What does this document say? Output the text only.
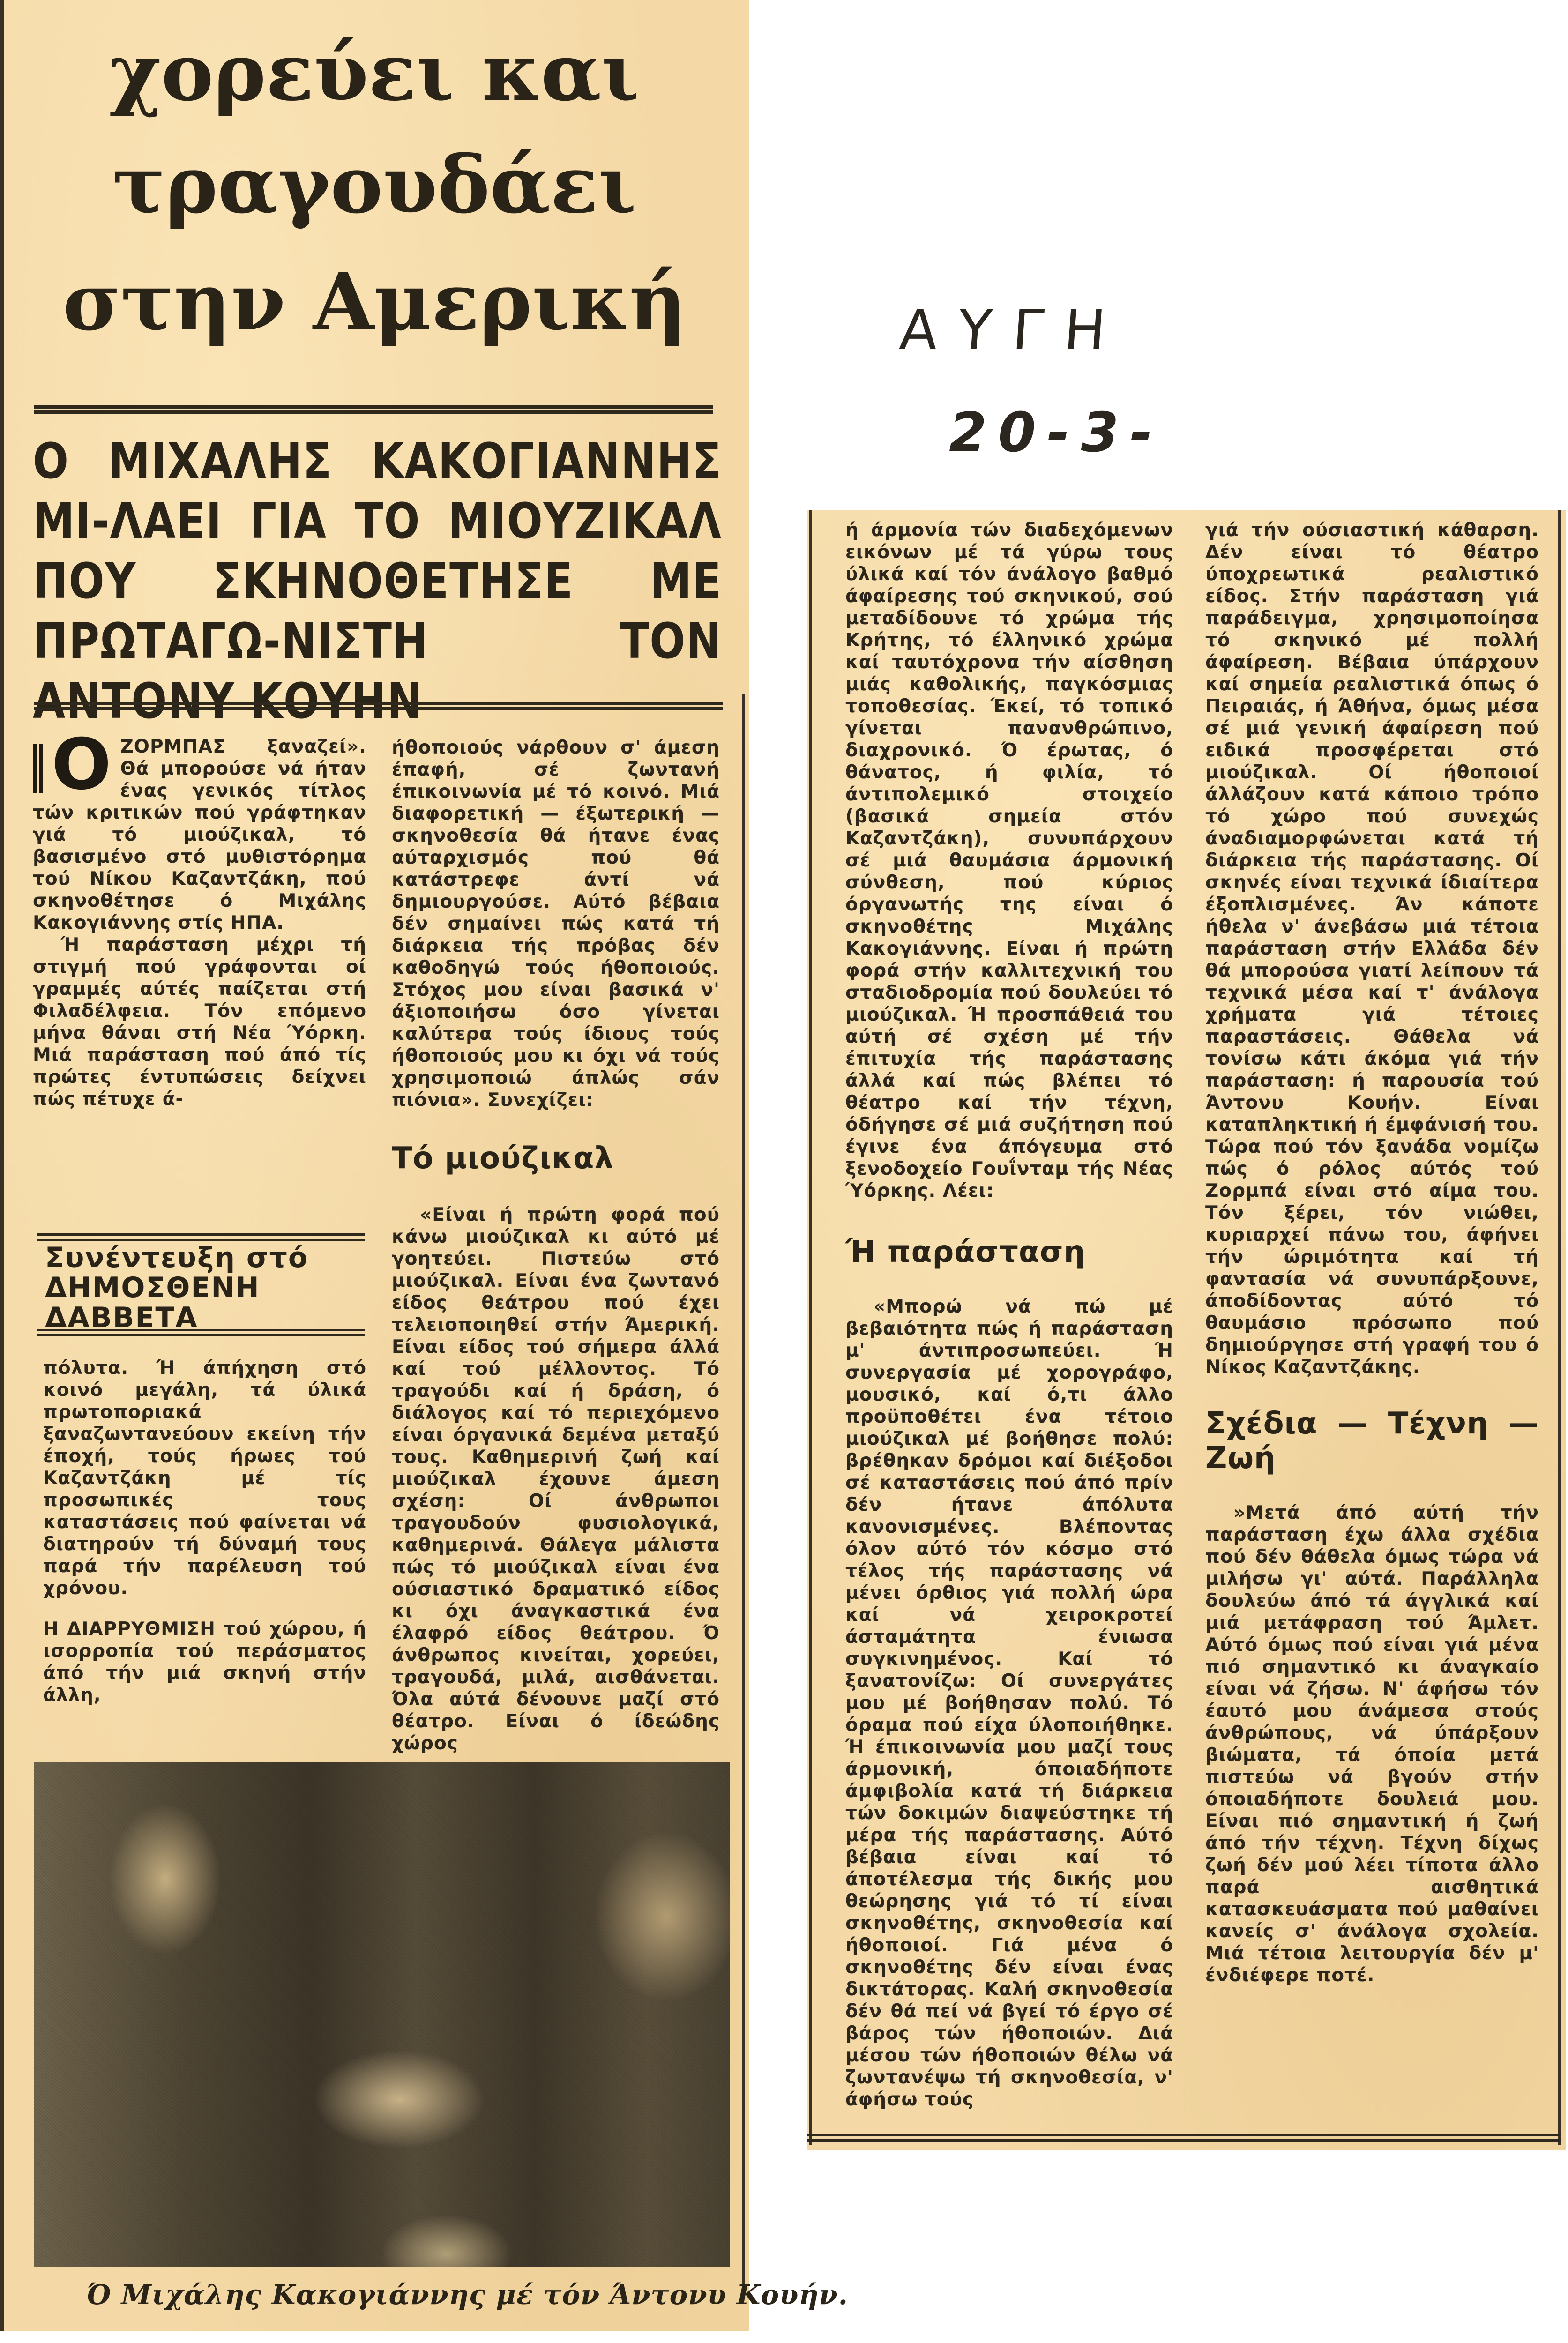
χορεύει και
τραγουδάει
στην Αμερική
Ο ΜΙΧΑΛΗΣ ΚΑΚΟΓΙΑΝΝΗΣ ΜΙ-ΛΑΕΙ ΓΙΑ ΤΟ ΜΙΟΥΖΙΚΑΛ ΠΟΥ ΣΚΗΝΟΘΕΤΗΣΕ ΜΕ ΠΡΩΤΑΓΩ-ΝΙΣΤΗ ΤΟΝ ΑΝΤΟΝΥ ΚΟΥΗΝ
Ο ΖΟΡΜΠΑΣ ξαναζεί». Θά μπορούσε νά ήταν ένας γενικός τίτλος τών κριτικών πού γράφτηκαν γιά τό μιούζικαλ, τό βασισμένο στό μυθιστόρημα τού Νίκου Καζαντζάκη, πού σκηνοθέτησε ό Μιχάλης Κακογιάννης στίς ΗΠΑ.

Ή παράσταση μέχρι τή στιγμή πού γράφονται οί γραμμές αύτές παίζεται στή Φιλαδέλφεια. Τόν επόμενο μήνα θάναι στή Νέα Ύόρκη. Μιά παράσταση πού άπό τίς πρώτες έντυπώσεις δείχνει πώς πέτυχε ά-

Συνέντευξη στό
ΔΗΜΟΣΘΕΝΗ
ΔΑΒΒΕΤΑ

πόλυτα. Ή άπήχηση στό κοινό μεγάλη, τά ύλικά πρωτοποριακά ξαναζωντανεύουν εκείνη τήν έποχή, τούς ήρωες τού Καζαντζάκη μέ τίς προσωπικές τους καταστάσεις πού φαίνεται νά διατηρούν τή δύναμή τους παρά τήν παρέλευση τού χρόνου.

Η ΔΙΑΡΡΥΘΜΙΣΗ τού χώρου, ή ισορροπία τού περάσματος άπό τήν μιά σκηνή στήν άλλη,

ήθοποιούς νάρθουν σ' άμεση έπαφή, σέ ζωντανή έπικοινωνία μέ τό κοινό. Μιά διαφορετική — έξωτερική — σκηνοθεσία θά ήτανε ένας αύταρχισμός πού θά κατάστρεφε άντί νά δημιουργούσε. Αύτό βέβαια δέν σημαίνει πώς κατά τή διάρκεια τής πρόβας δέν καθοδηγώ τούς ήθοποιούς. Στόχος μου είναι βασικά ν' άξιοποιήσω όσο γίνεται καλύτερα τούς ίδιους τούς ήθοποιούς μου κι όχι νά τούς χρησιμοποιώ άπλώς σάν πιόνια». Συνεχίζει:

Τό μιούζικαλ

«Είναι ή πρώτη φορά πού κάνω μιούζικαλ κι αύτό μέ γοητεύει. Πιστεύω στό μιούζικαλ. Είναι ένα ζωντανό είδος θεάτρου πού έχει τελειοποιηθεί στήν Άμερική. Είναι είδος τού σήμερα άλλά καί τού μέλλοντος. Τό τραγούδι καί ή δράση, ό διάλογος καί τό περιεχόμενο είναι όργανικά δεμένα μεταξύ τους. Καθημερινή ζωή καί μιούζικαλ έχουνε άμεση σχέση: Οί άνθρωποι τραγουδούν φυσιολογικά, καθημερινά. Θάλεγα μάλιστα πώς τό μιούζικαλ είναι ένα ούσιαστικό δραματικό είδος κι όχι άναγκαστικά ένα έλαφρό είδος θεάτρου. Ό άνθρωπος κινείται, χορεύει, τραγουδά, μιλά, αισθάνεται. Όλα αύτά δένουνε μαζί στό θέατρο. Είναι ό ίδεώδης χώρος

Ό Μιχάλης Κακογιάννης μέ τόν Άντονυ Κουήν.
ΑΥΓΗ
20-3-

ή άρμονία τών διαδεχόμενων εικόνων μέ τά γύρω τους ύλικά καί τόν άνάλογο βαθμό άφαίρεσης τού σκηνικού, σού μεταδίδουνε τό χρώμα τής Κρήτης, τό έλληνικό χρώμα καί ταυτόχρονα τήν αίσθηση μιάς καθολικής, παγκόσμιας τοποθεσίας. Έκεί, τό τοπικό γίνεται πανανθρώπινο, διαχρονικό. Ό έρωτας, ό θάνατος, ή φιλία, τό άντιπολεμικό στοιχείο (βασικά σημεία στόν Καζαντζάκη), συνυπάρχουν σέ μιά θαυμάσια άρμονική σύνθεση, πού κύριος όργανωτής της είναι ό σκηνοθέτης Μιχάλης Κακογιάννης. Είναι ή πρώτη φορά στήν καλλιτεχνική του σταδιοδρομία πού δουλεύει τό μιούζικαλ. Ή προσπάθειά του αύτή σέ σχέση μέ τήν έπιτυχία τής παράστασης άλλά καί πώς βλέπει τό θέατρο καί τήν τέχνη, όδήγησε σέ μιά συζήτηση πού έγινε ένα άπόγευμα στό ξενοδοχείο Γουΐνταμ τής Νέας Ύόρκης. Λέει:

Ή παράσταση

«Μπορώ νά πώ μέ βεβαιότητα πώς ή παράσταση μ' άντιπροσωπεύει. Ή συνεργασία μέ χορογράφο, μουσικό, καί ό,τι άλλο προϋποθέτει ένα τέτοιο μιούζικαλ μέ βοήθησε πολύ: βρέθηκαν δρόμοι καί διέξοδοι σέ καταστάσεις πού άπό πρίν δέν ήτανε άπόλυτα κανονισμένες. Βλέποντας όλον αύτό τόν κόσμο στό τέλος τής παράστασης νά μένει όρθιος γιά πολλή ώρα καί νά χειροκροτεί άσταμάτητα ένιωσα συγκινημένος. Καί τό ξανατονίζω: Οί συνεργάτες μου μέ βοήθησαν πολύ. Τό όραμα πού είχα ύλοποιήθηκε. Ή έπικοινωνία μου μαζί τους άρμονική, όποιαδήποτε άμφιβολία κατά τή διάρκεια τών δοκιμών διαψεύστηκε τή μέρα τής παράστασης. Αύτό βέβαια είναι καί τό άποτέλεσμα τής δικής μου θεώρησης γιά τό τί είναι σκηνοθέτης, σκηνοθεσία καί ήθοποιοί. Γιά μένα ό σκηνοθέτης δέν είναι ένας δικτάτορας. Καλή σκηνοθεσία δέν θά πεί νά βγεί τό έργο σέ βάρος τών ήθοποιών. Διά μέσου τών ήθοποιών θέλω νά ζωντανέψω τή σκηνοθεσία, ν' άφήσω τούς

γιά τήν ούσιαστική κάθαρση. Δέν είναι τό θέατρο ύποχρεωτικά ρεαλιστικό είδος. Στήν παράσταση γιά παράδειγμα, χρησιμοποίησα τό σκηνικό μέ πολλή άφαίρεση. Βέβαια ύπάρχουν καί σημεία ρεαλιστικά όπως ό Πειραιάς, ή Άθήνα, όμως μέσα σέ μιά γενική άφαίρεση πού ειδικά προσφέρεται στό μιούζικαλ. Οί ήθοποιοί άλλάζουν κατά κάποιο τρόπο τό χώρο πού συνεχώς άναδιαμορφώνεται κατά τή διάρκεια τής παράστασης. Οί σκηνές είναι τεχνικά ίδιαίτερα έξοπλισμένες. Άν κάποτε ήθελα ν' άνεβάσω μιά τέτοια παράσταση στήν Ελλάδα δέν θά μπορούσα γιατί λείπουν τά τεχνικά μέσα καί τ' άνάλογα χρήματα γιά τέτοιες παραστάσεις. Θάθελα νά τονίσω κάτι άκόμα γιά τήν παράσταση: ή παρουσία τού Άντονυ Κουήν. Είναι καταπληκτική ή έμφάνισή του. Τώρα πού τόν ξανάδα νομίζω πώς ό ρόλος αύτός τού Ζορμπά είναι στό αίμα του. Τόν ξέρει, τόν νιώθει, κυριαρχεί πάνω του, άφήνει τήν ώριμότητα καί τή φαντασία νά συνυπάρξουνε, άποδίδοντας αύτό τό θαυμάσιο πρόσωπο πού δημιούργησε στή γραφή του ό Νίκος Καζαντζάκης.

Σχέδια — Τέχνη — Ζωή

»Μετά άπό αύτή τήν παράσταση έχω άλλα σχέδια πού δέν θάθελα όμως τώρα νά μιλήσω γι' αύτά. Παράλληλα δουλεύω άπό τά άγγλικά καί μιά μετάφραση τού Άμλετ. Αύτό όμως πού είναι γιά μένα πιό σημαντικό κι άναγκαίο είναι νά ζήσω. Ν' άφήσω τόν έαυτό μου άνάμεσα στούς άνθρώπους, νά ύπάρξουν βιώματα, τά όποία μετά πιστεύω νά βγούν στήν όποιαδήποτε δουλειά μου. Είναι πιό σημαντική ή ζωή άπό τήν τέχνη. Τέχνη δίχως ζωή δέν μού λέει τίποτα άλλο παρά αισθητικά κατασκευάσματα πού μαθαίνει κανείς σ' άνάλογα σχολεία. Μιά τέτοια λειτουργία δέν μ' ένδιέφερε ποτέ.
